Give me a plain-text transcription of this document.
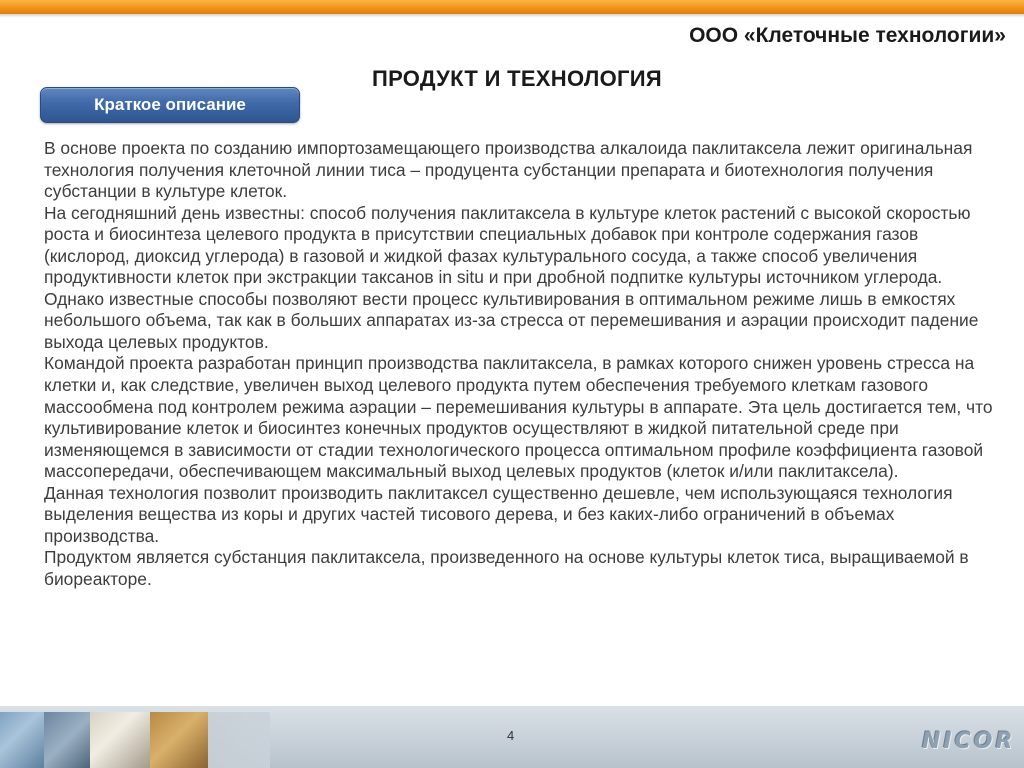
ООО «Клеточные технологии»
ПРОДУКТ И ТЕХНОЛОГИЯ
Краткое описание

В основе проекта по созданию импортозамещающего производства алкалоида паклитаксела лежит оригинальная технология получения клеточной линии тиса – продуцента субстанции препарата и биотехнология получения субстанции в культуре клеток.

На сегодняшний день известны: способ получения паклитаксела в культуре клеток растений с высокой скоростью роста и биосинтеза целевого продукта в присутствии специальных добавок при контроле содержания газов (кислород, диоксид углерода) в газовой и жидкой фазах культурального сосуда, а также способ увеличения продуктивности клеток при экстракции таксанов in situ и при дробной подпитке культуры источником углерода. Однако известные способы позволяют вести процесс культивирования в оптимальном режиме лишь в емкостях небольшого объема, так как в больших аппаратах из-за стресса от перемешивания и аэрации происходит падение выхода целевых продуктов.

Командой проекта разработан принцип производства паклитаксела, в рамках которого снижен уровень стресса на клетки и, как следствие, увеличен выход целевого продукта путем обеспечения требуемого клеткам газового массообмена под контролем режима аэрации – перемешивания культуры в аппарате. Эта цель достигается тем, что культивирование клеток и биосинтез конечных продуктов осуществляют в жидкой питательной среде при изменяющемся в зависимости от стадии технологического процесса оптимальном профиле коэффициента газовой массопередачи, обеспечивающем максимальный выход целевых продуктов (клеток и/или паклитаксела).

Данная технология позволит производить паклитаксел существенно дешевле, чем использующаяся технология выделения вещества из коры и других частей тисового дерева, и без каких-либо ограничений в объемах производства.

Продуктом является субстанция паклитаксела, произведенного на основе культуры клеток тиса, выращиваемой в биореакторе.

4	NICOR
